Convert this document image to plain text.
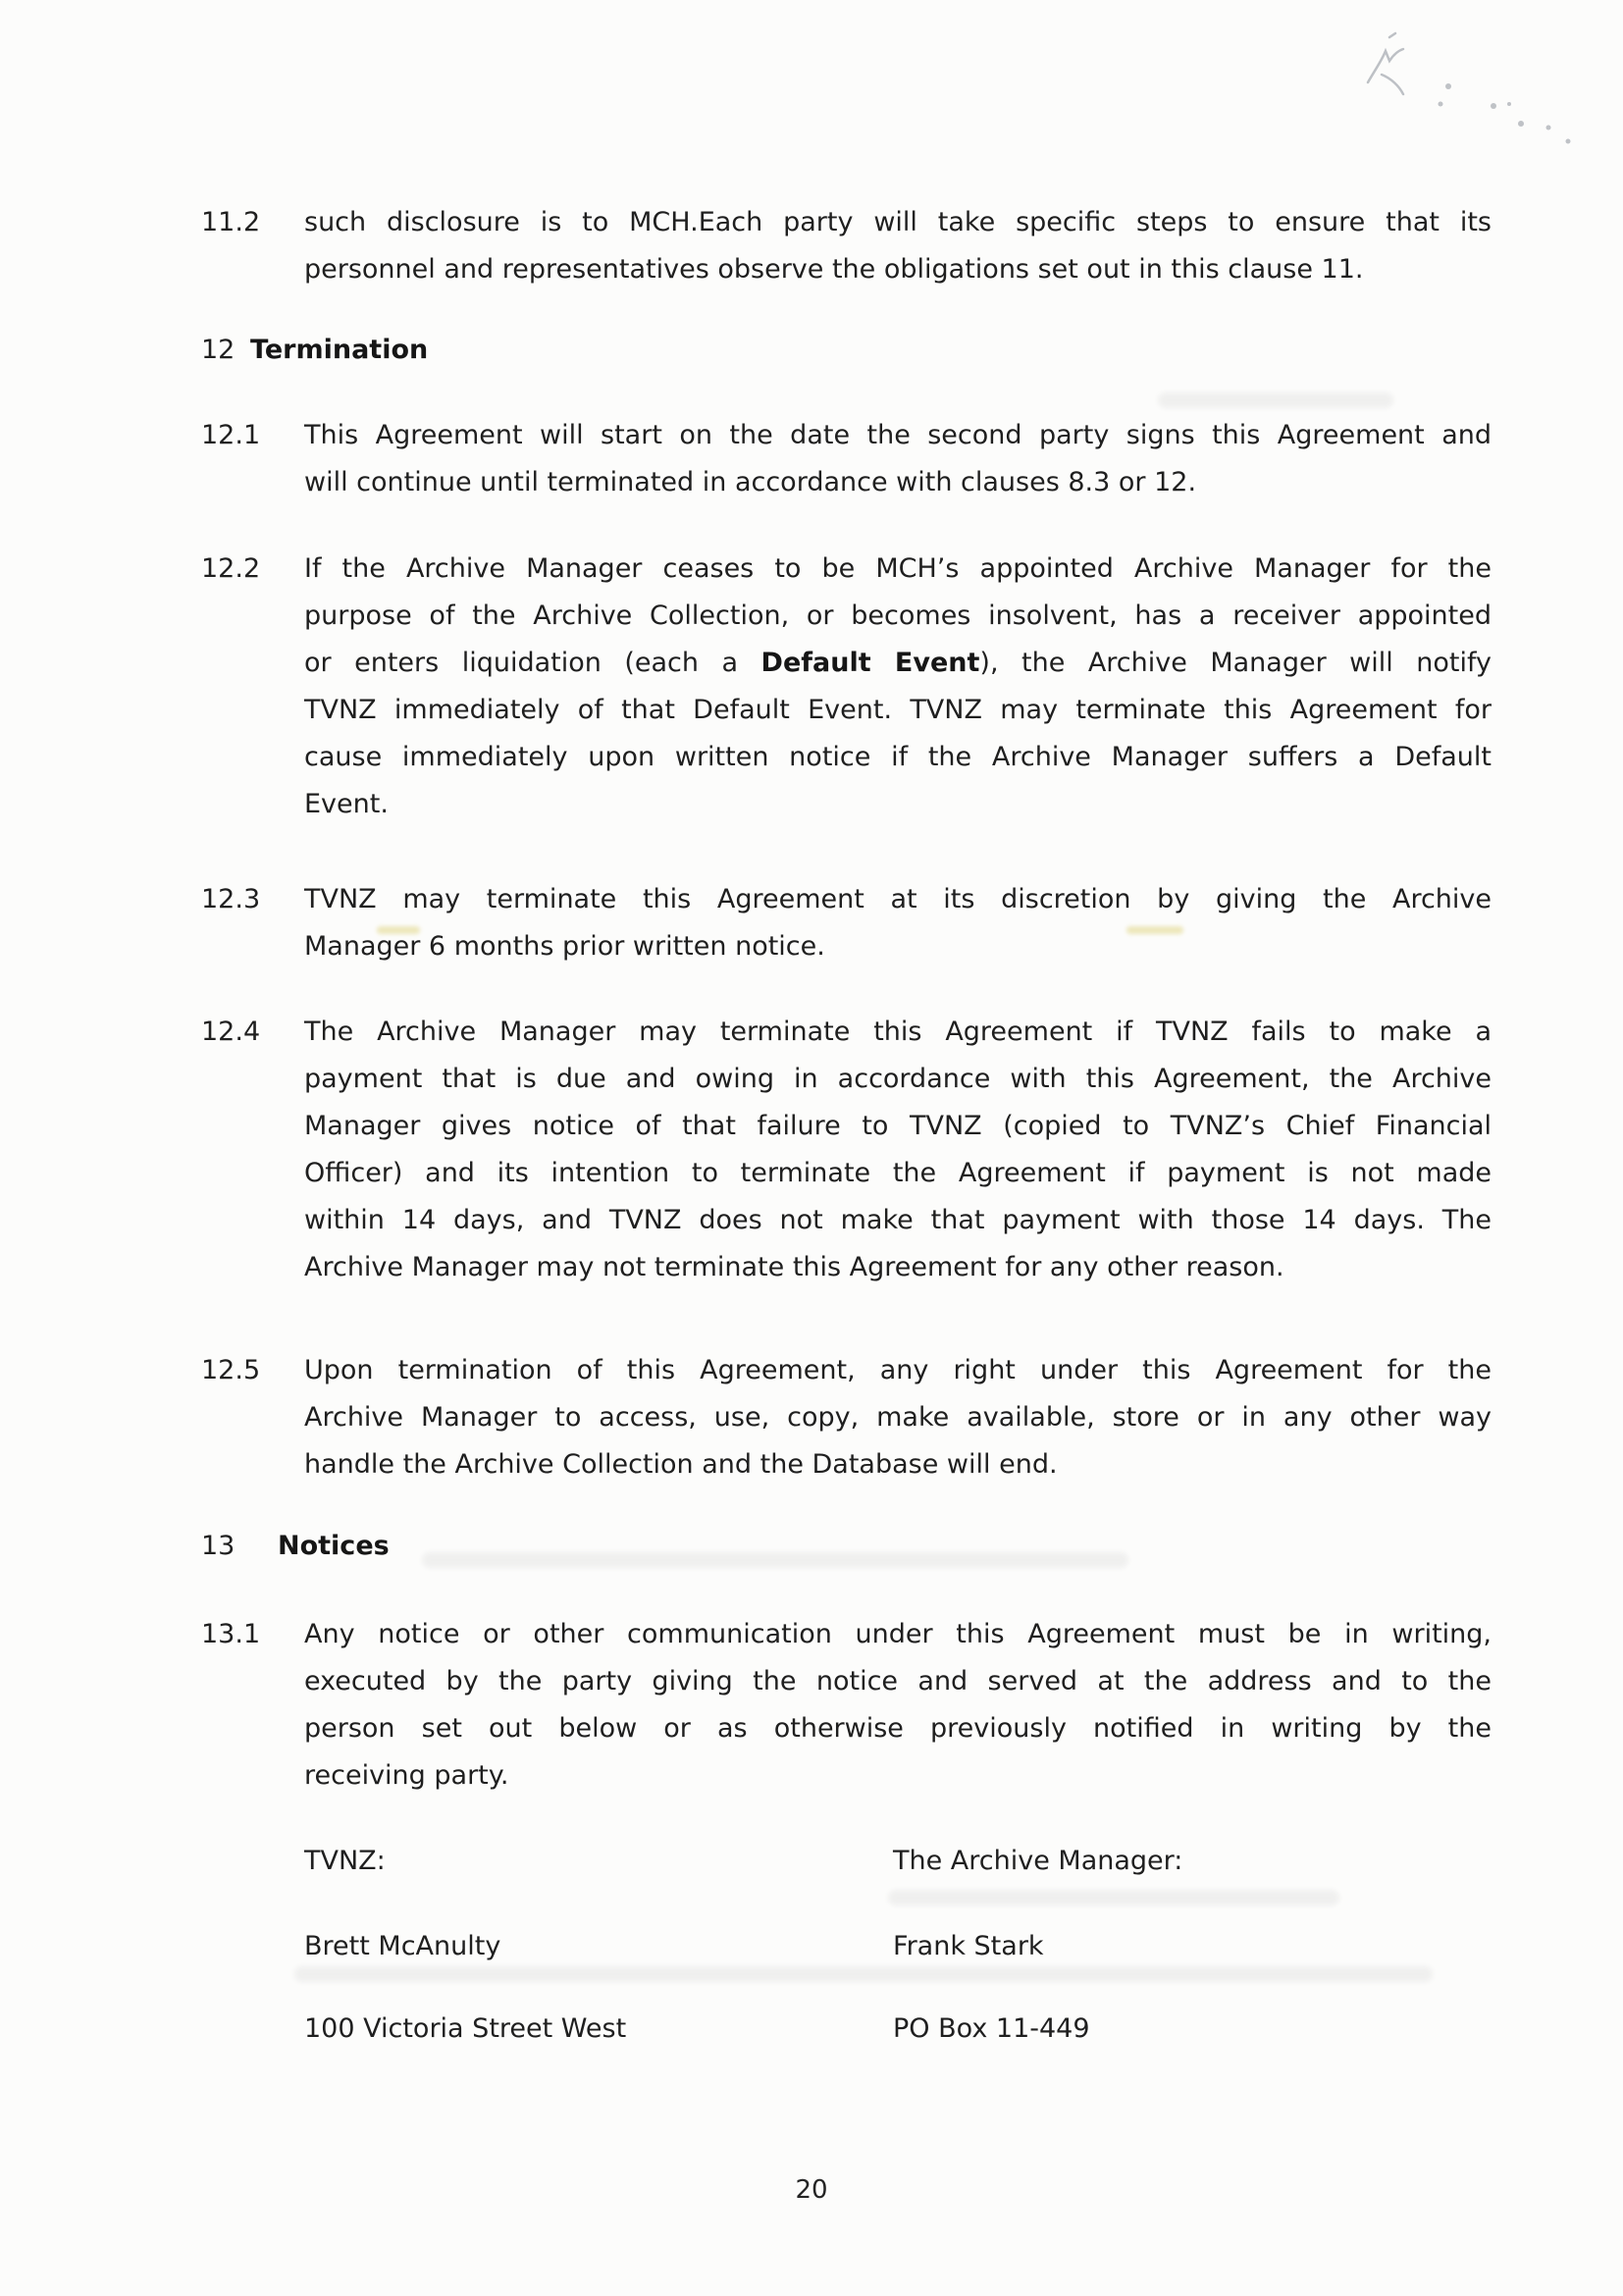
11.2	such disclosure is to MCH.Each party will take specific steps to ensure that its
personnel and representatives observe the obligations set out in this clause 11.
12 Termination
12.1	This Agreement will start on the date the second party signs this Agreement and
will continue until terminated in accordance with clauses 8.3 or 12.
12.2	If the Archive Manager ceases to be MCH’s appointed Archive Manager for the
purpose of the Archive Collection, or becomes insolvent, has a receiver appointed
or enters liquidation (each a Default Event), the Archive Manager will notify
TVNZ immediately of that Default Event. TVNZ may terminate this Agreement for
cause immediately upon written notice if the Archive Manager suffers a Default
Event.
12.3	TVNZ may terminate this Agreement at its discretion by giving the Archive
Manager 6 months prior written notice.
12.4	The Archive Manager may terminate this Agreement if TVNZ fails to make a
payment that is due and owing in accordance with this Agreement, the Archive
Manager gives notice of that failure to TVNZ (copied to TVNZ’s Chief Financial
Officer) and its intention to terminate the Agreement if payment is not made
within 14 days, and TVNZ does not make that payment with those 14 days. The
Archive Manager may not terminate this Agreement for any other reason.
12.5	Upon termination of this Agreement, any right under this Agreement for the
Archive Manager to access, use, copy, make available, store or in any other way
handle the Archive Collection and the Database will end.
13 Notices
13.1	Any notice or other communication under this Agreement must be in writing,
executed by the party giving the notice and served at the address and to the
person set out below or as otherwise previously notified in writing by the
receiving party.
TVNZ:	The Archive Manager:
Brett McAnulty	Frank Stark
100 Victoria Street West	PO Box 11-449
20
